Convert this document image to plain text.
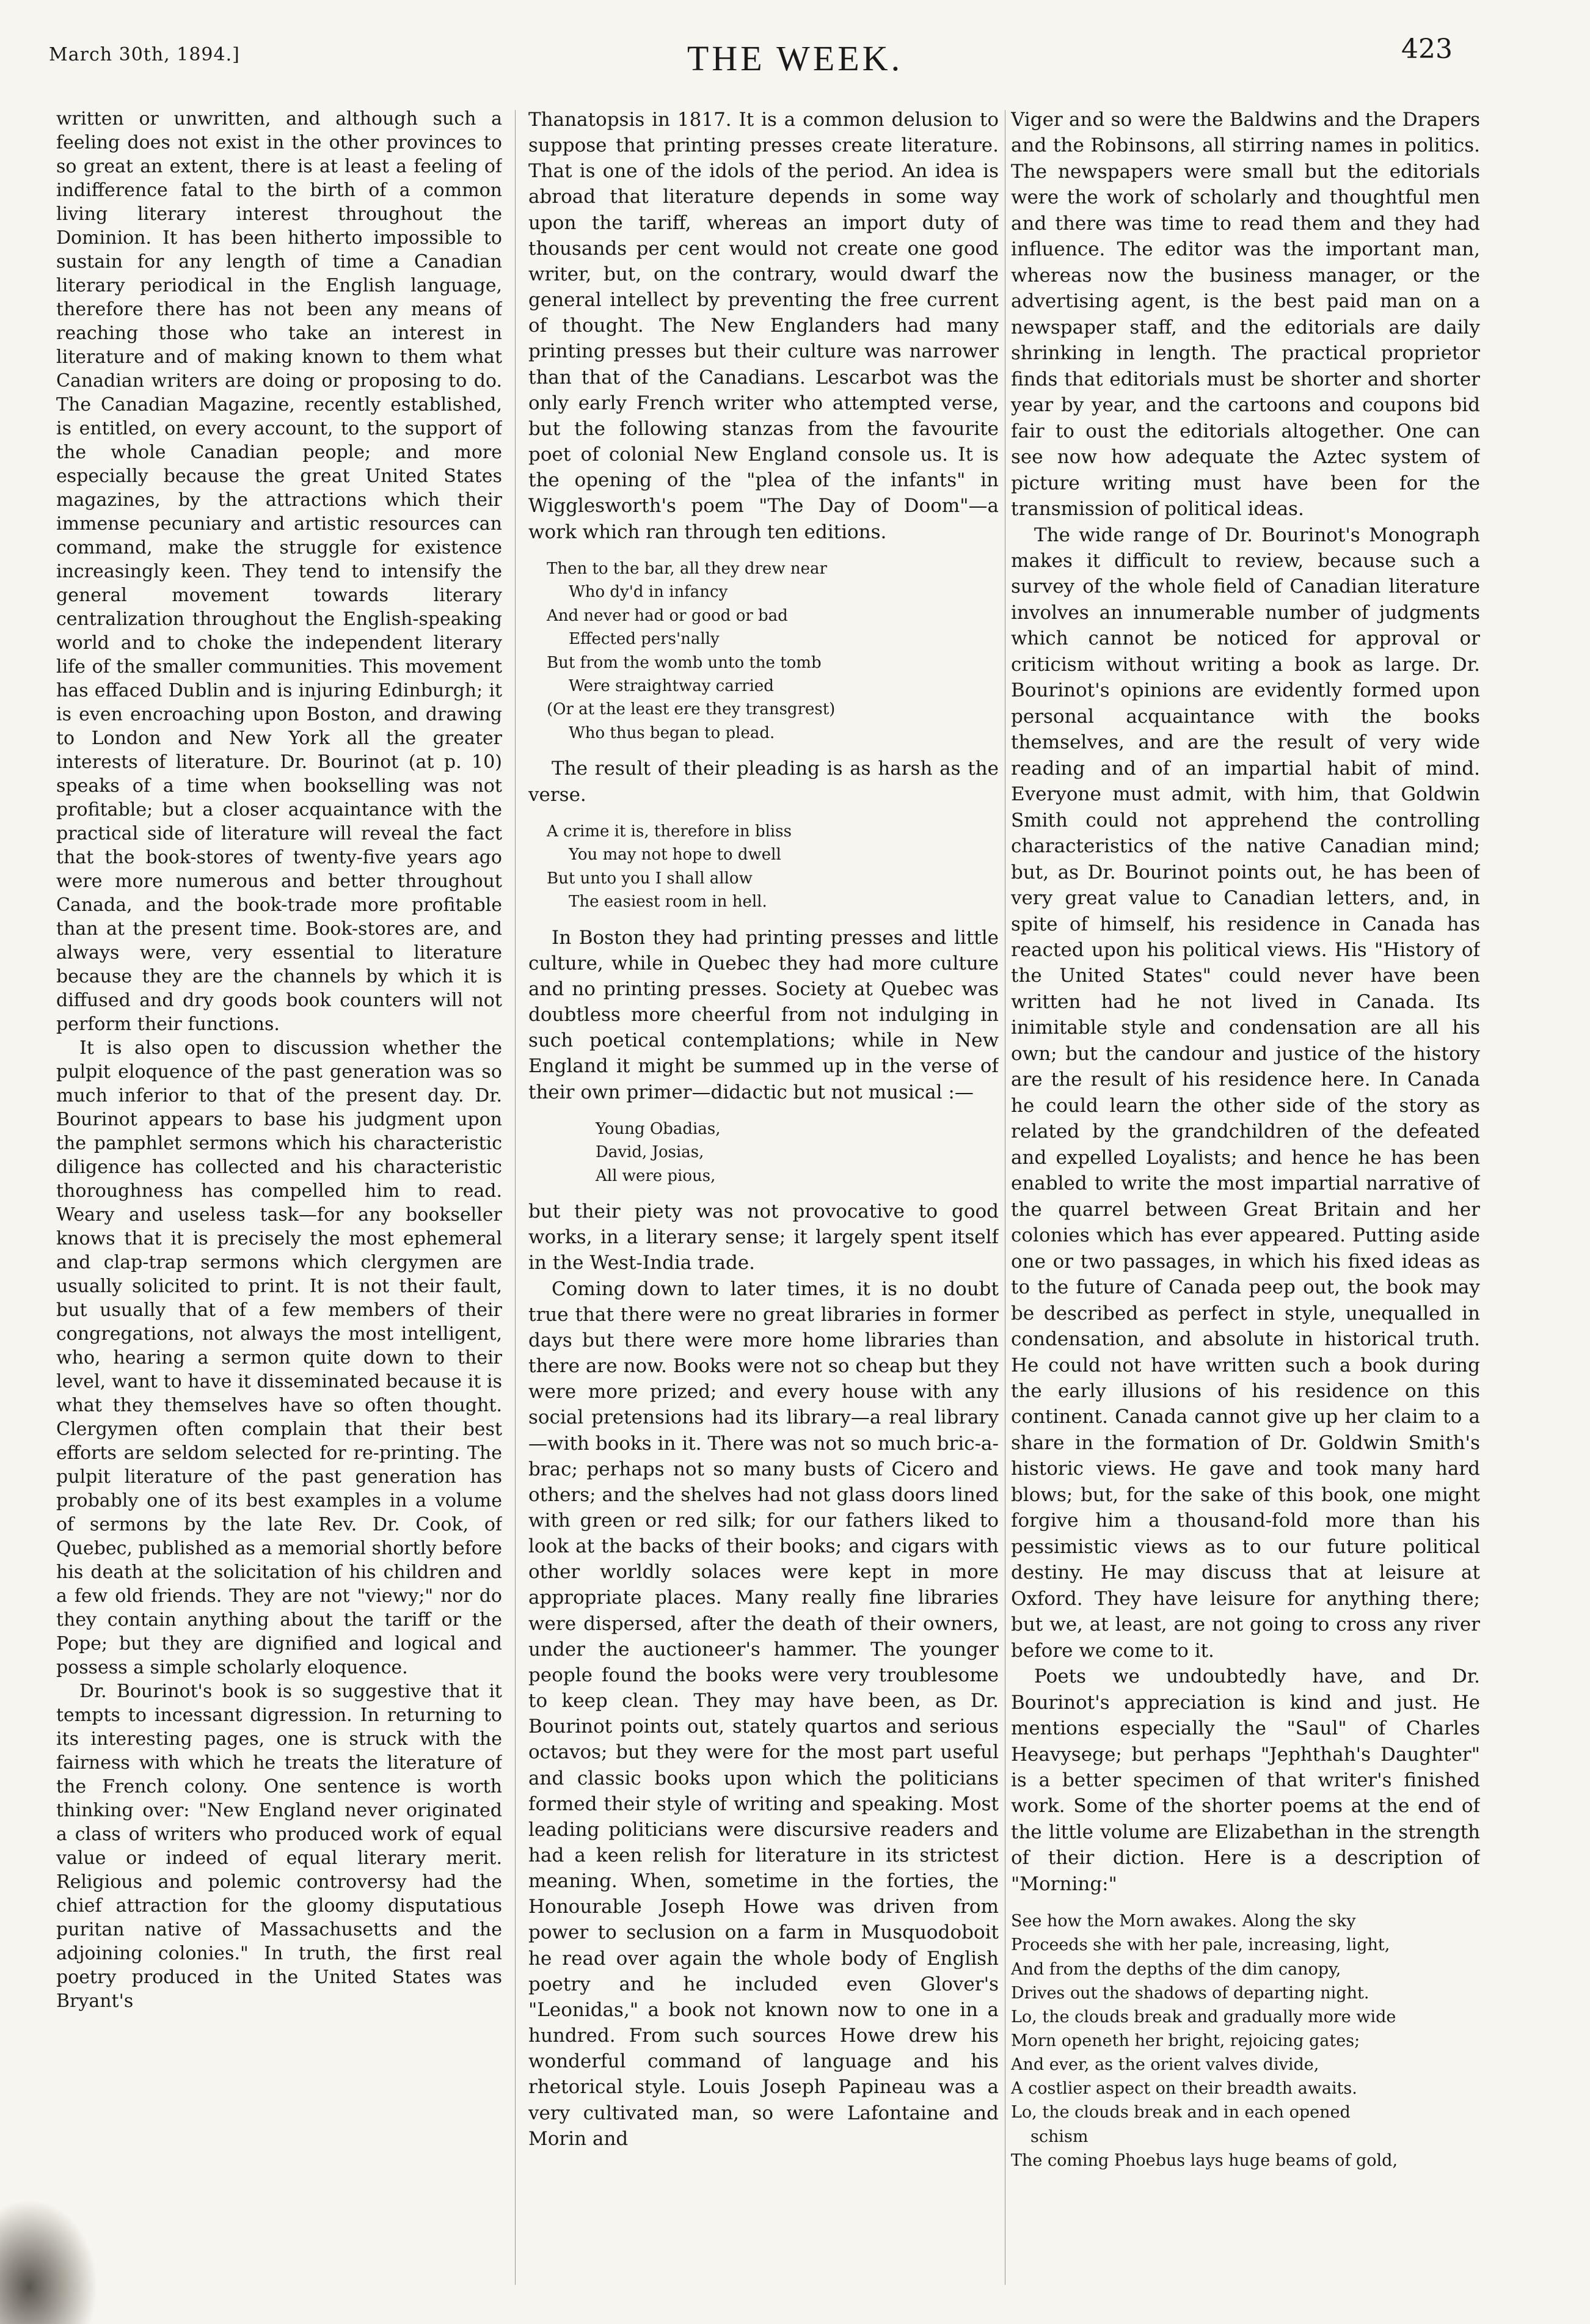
March 30th, 1894.]	THE WEEK.	423

written or unwritten, and although such a feeling does not exist in the other provinces to so great an extent, there is at least a feeling of indifference fatal to the birth of a common living literary interest throughout the Dominion. It has been hitherto impossible to sustain for any length of time a Canadian literary periodical in the English language, therefore there has not been any means of reaching those who take an interest in literature and of making known to them what Canadian writers are doing or proposing to do. The Canadian Magazine, recently established, is entitled, on every account, to the support of the whole Canadian people; and more especially because the great United States magazines, by the attractions which their immense pecuniary and artistic resources can command, make the struggle for existence increasingly keen. They tend to intensify the general movement towards literary centralization throughout the English-speaking world and to choke the independent literary life of the smaller communities. This movement has effaced Dublin and is injuring Edinburgh; it is even encroaching upon Boston, and drawing to London and New York all the greater interests of literature. Dr. Bourinot (at p. 10) speaks of a time when bookselling was not profitable; but a closer acquaintance with the practical side of literature will reveal the fact that the book-stores of twenty-five years ago were more numerous and better throughout Canada, and the book-trade more profitable than at the present time. Book-stores are, and always were, very essential to literature because they are the channels by which it is diffused and dry goods book counters will not perform their functions.

It is also open to discussion whether the pulpit eloquence of the past generation was so much inferior to that of the present day. Dr. Bourinot appears to base his judgment upon the pamphlet sermons which his characteristic diligence has collected and his characteristic thoroughness has compelled him to read. Weary and useless task—for any bookseller knows that it is precisely the most ephemeral and clap-trap sermons which clergymen are usually solicited to print. It is not their fault, but usually that of a few members of their congregations, not always the most intelligent, who, hearing a sermon quite down to their level, want to have it disseminated because it is what they themselves have so often thought. Clergymen often complain that their best efforts are seldom selected for re-printing. The pulpit literature of the past generation has probably one of its best examples in a volume of sermons by the late Rev. Dr. Cook, of Quebec, published as a memorial shortly before his death at the solicitation of his children and a few old friends. They are not "viewy;" nor do they contain anything about the tariff or the Pope; but they are dignified and logical and possess a simple scholarly eloquence.

Dr. Bourinot's book is so suggestive that it tempts to incessant digression. In returning to its interesting pages, one is struck with the fairness with which he treats the literature of the French colony. One sentence is worth thinking over: "New England never originated a class of writers who produced work of equal value or indeed of equal literary merit. Religious and polemic controversy had the chief attraction for the gloomy disputatious puritan native of Massachusetts and the adjoining colonies." In truth, the first real poetry produced in the United States was Bryant's

Thanatopsis in 1817. It is a common delusion to suppose that printing presses create literature. That is one of the idols of the period. An idea is abroad that literature depends in some way upon the tariff, whereas an import duty of thousands per cent would not create one good writer, but, on the contrary, would dwarf the general intellect by preventing the free current of thought. The New Englanders had many printing presses but their culture was narrower than that of the Canadians. Lescarbot was the only early French writer who attempted verse, but the following stanzas from the favourite poet of colonial New England console us. It is the opening of the "plea of the infants" in Wigglesworth's poem "The Day of Doom"—a work which ran through ten editions.

Then to the bar, all they drew near
Who dy'd in infancy
And never had or good or bad
Effected pers'nally
But from the womb unto the tomb
Were straightway carried
(Or at the least ere they transgrest)
Who thus began to plead.

The result of their pleading is as harsh as the verse.

A crime it is, therefore in bliss
You may not hope to dwell
But unto you I shall allow
The easiest room in hell.

In Boston they had printing presses and little culture, while in Quebec they had more culture and no printing presses. Society at Quebec was doubtless more cheerful from not indulging in such poetical contemplations; while in New England it might be summed up in the verse of their own primer—didactic but not musical :—

Young Obadias,
David, Josias,
All were pious,

but their piety was not provocative to good works, in a literary sense; it largely spent itself in the West-India trade.

Coming down to later times, it is no doubt true that there were no great libraries in former days but there were more home libraries than there are now. Books were not so cheap but they were more prized; and every house with any social pretensions had its library—a real library—with books in it. There was not so much bric-a-brac; perhaps not so many busts of Cicero and others; and the shelves had not glass doors lined with green or red silk; for our fathers liked to look at the backs of their books; and cigars with other worldly solaces were kept in more appropriate places. Many really fine libraries were dispersed, after the death of their owners, under the auctioneer's hammer. The younger people found the books were very troublesome to keep clean. They may have been, as Dr. Bourinot points out, stately quartos and serious octavos; but they were for the most part useful and classic books upon which the politicians formed their style of writing and speaking. Most leading politicians were discursive readers and had a keen relish for literature in its strictest meaning. When, sometime in the forties, the Honourable Joseph Howe was driven from power to seclusion on a farm in Musquodoboit he read over again the whole body of English poetry and he included even Glover's "Leonidas," a book not known now to one in a hundred. From such sources Howe drew his wonderful command of language and his rhetorical style. Louis Joseph Papineau was a very cultivated man, so were Lafontaine and Morin and

Viger and so were the Baldwins and the Drapers and the Robinsons, all stirring names in politics. The newspapers were small but the editorials were the work of scholarly and thoughtful men and there was time to read them and they had influence. The editor was the important man, whereas now the business manager, or the advertising agent, is the best paid man on a newspaper staff, and the editorials are daily shrinking in length. The practical proprietor finds that editorials must be shorter and shorter year by year, and the cartoons and coupons bid fair to oust the editorials altogether. One can see now how adequate the Aztec system of picture writing must have been for the transmission of political ideas.

The wide range of Dr. Bourinot's Monograph makes it difficult to review, because such a survey of the whole field of Canadian literature involves an innumerable number of judgments which cannot be noticed for approval or criticism without writing a book as large. Dr. Bourinot's opinions are evidently formed upon personal acquaintance with the books themselves, and are the result of very wide reading and of an impartial habit of mind. Everyone must admit, with him, that Goldwin Smith could not apprehend the controlling characteristics of the native Canadian mind; but, as Dr. Bourinot points out, he has been of very great value to Canadian letters, and, in spite of himself, his residence in Canada has reacted upon his political views. His "History of the United States" could never have been written had he not lived in Canada. Its inimitable style and condensation are all his own; but the candour and justice of the history are the result of his residence here. In Canada he could learn the other side of the story as related by the grandchildren of the defeated and expelled Loyalists; and hence he has been enabled to write the most impartial narrative of the quarrel between Great Britain and her colonies which has ever appeared. Putting aside one or two passages, in which his fixed ideas as to the future of Canada peep out, the book may be described as perfect in style, unequalled in condensation, and absolute in historical truth. He could not have written such a book during the early illusions of his residence on this continent. Canada cannot give up her claim to a share in the formation of Dr. Goldwin Smith's historic views. He gave and took many hard blows; but, for the sake of this book, one might forgive him a thousand-fold more than his pessimistic views as to our future political destiny. He may discuss that at leisure at Oxford. They have leisure for anything there; but we, at least, are not going to cross any river before we come to it.

Poets we undoubtedly have, and Dr. Bourinot's appreciation is kind and just. He mentions especially the "Saul" of Charles Heavysege; but perhaps "Jephthah's Daughter" is a better specimen of that writer's finished work. Some of the shorter poems at the end of the little volume are Elizabethan in the strength of their diction. Here is a description of "Morning:"

See how the Morn awakes. Along the sky
Proceeds she with her pale, increasing, light,
And from the depths of the dim canopy,
Drives out the shadows of departing night.
Lo, the clouds break and gradually more wide
Morn openeth her bright, rejoicing gates;
And ever, as the orient valves divide,
A costlier aspect on their breadth awaits.
Lo, the clouds break and in each opened
schism
The coming Phoebus lays huge beams of gold,
